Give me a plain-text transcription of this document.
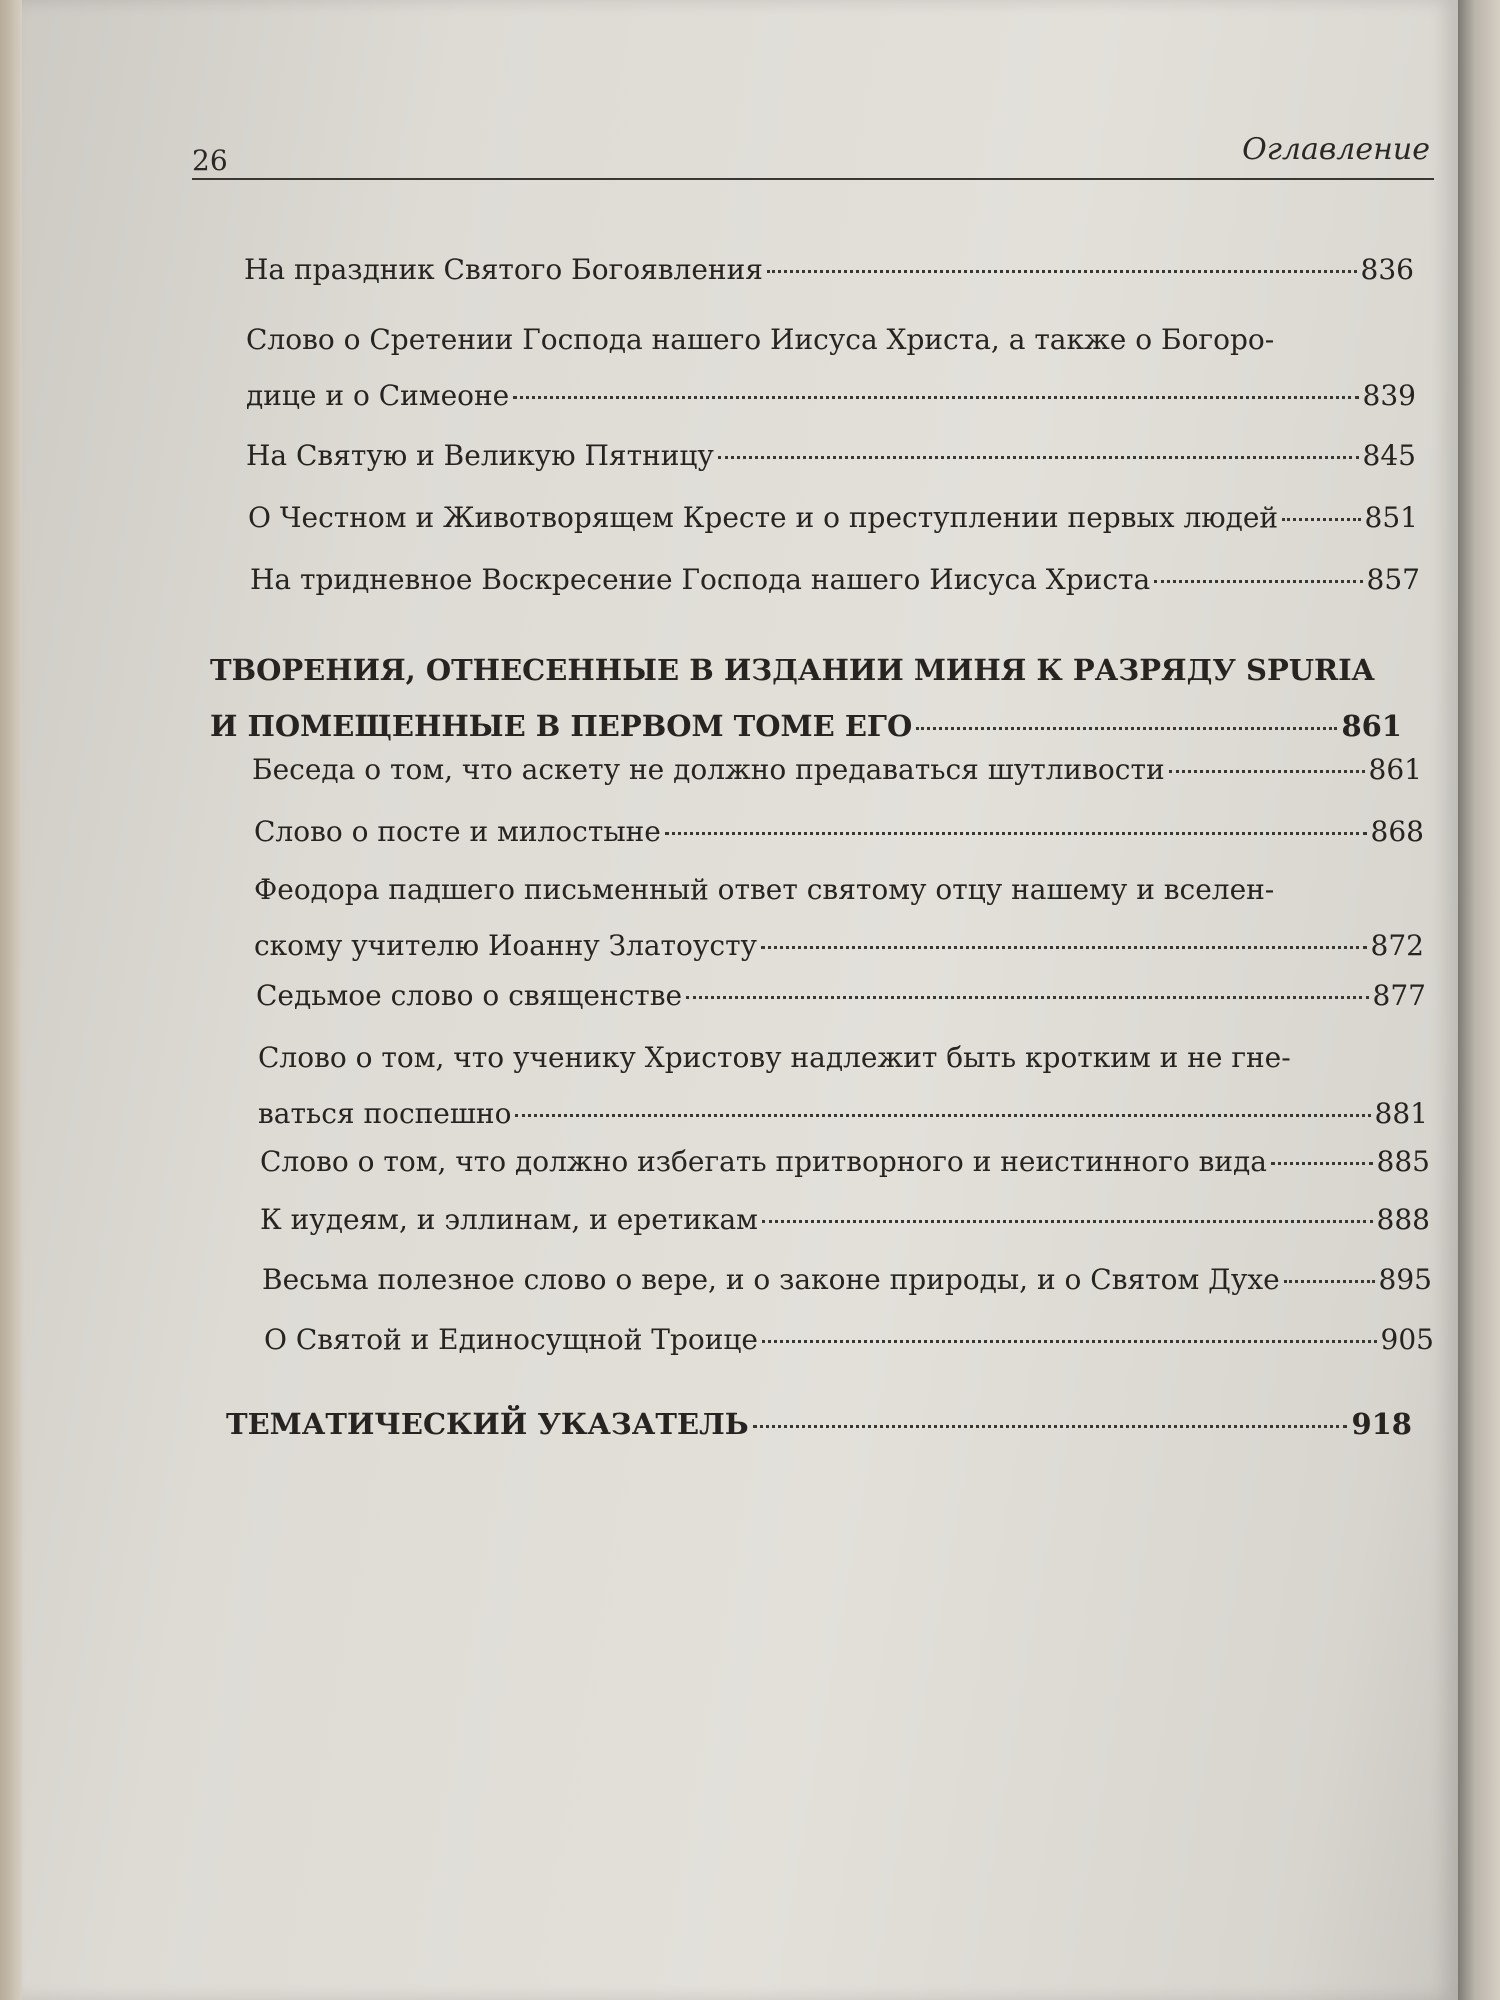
26	Оглавление
На праздник Святого Богоявления	836
Слово о Сретении Господа нашего Иисуса Христа, а также о Богоро-
дице и о Симеоне	839
На Святую и Великую Пятницу	845
О Честном и Животворящем Кресте и о преступлении первых людей	851
На тридневное Воскресение Господа нашего Иисуса Христа	857
ТВОРЕНИЯ, ОТНЕСЕННЫЕ В ИЗДАНИИ МИНЯ К РАЗРЯДУ SPURIA
И ПОМЕЩЕННЫЕ В ПЕРВОМ ТОМЕ ЕГО	861
Беседа о том, что аскету не должно предаваться шутливости	861
Слово о посте и милостыне	868
Феодора падшего письменный ответ святому отцу нашему и вселен-
скому учителю Иоанну Златоусту	872
Седьмое слово о священстве	877
Слово о том, что ученику Христову надлежит быть кротким и не гне-
ваться поспешно	881
Слово о том, что должно избегать притворного и неистинного вида	885
К иудеям, и эллинам, и еретикам	888
Весьма полезное слово о вере, и о законе природы, и о Святом Духе	895
О Святой и Единосущной Троице	905
ТЕМАТИЧЕСКИЙ УКАЗАТЕЛЬ	918
